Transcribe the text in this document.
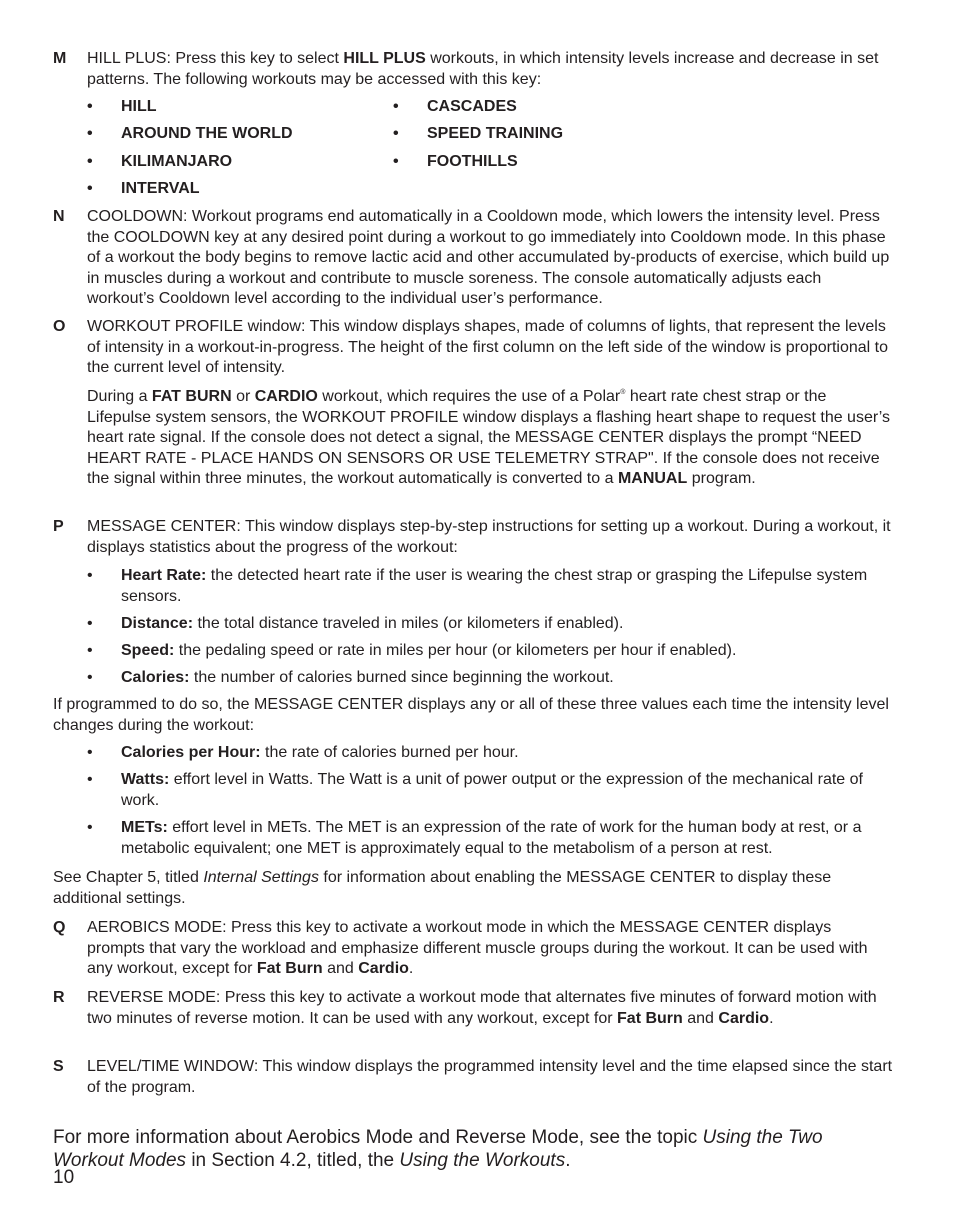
M	HILL PLUS: Press this key to select HILL PLUS workouts, in which intensity levels increase and decrease in set patterns. The following workouts may be accessed with this key:

• HILL
• AROUND THE WORLD
• KILIMANJARO
• INTERVAL
• CASCADES
• SPEED TRAINING
• FOOTHILLS
N	COOLDOWN: Workout programs end automatically in a Cooldown mode, which lowers the intensity level. Press the COOLDOWN key at any desired point during a workout to go immediately into Cooldown mode. In this phase of a workout the body begins to remove lactic acid and other accumulated by-products of exercise, which build up in muscles during a workout and contribute to muscle soreness. The console automatically adjusts each workout’s Cooldown level according to the individual user’s performance.

O	WORKOUT PROFILE window: This window displays shapes, made of columns of lights, that represent the levels of intensity in a workout-in-progress. The height of the first column on the left side of the window is proportional to the current level of intensity.

During a FAT BURN or CARDIO workout, which requires the use of a Polar® heart rate chest strap or the Lifepulse system sensors, the WORKOUT PROFILE window displays a flashing heart shape to request the user’s heart rate signal. If the console does not detect a signal, the MESSAGE CENTER displays the prompt “NEED HEART RATE - PLACE HANDS ON SENSORS OR USE TELEMETRY STRAP". If the console does not receive the signal within three minutes, the workout automatically is converted to a MANUAL program.

P	MESSAGE CENTER: This window displays step-by-step instructions for setting up a workout. During a workout, it displays statistics about the progress of the workout:

• Heart Rate: the detected heart rate if the user is wearing the chest strap or grasping the Lifepulse system sensors.
• Distance: the total distance traveled in miles (or kilometers if enabled).
• Speed: the pedaling speed or rate in miles per hour (or kilometers per hour if enabled).
• Calories: the number of calories burned since beginning the workout.

If programmed to do so, the MESSAGE CENTER displays any or all of these three values each time the intensity level changes during the workout:

• Calories per Hour: the rate of calories burned per hour.
• Watts: effort level in Watts. The Watt is a unit of power output or the expression of the mechanical rate of work.
• METs: effort level in METs. The MET is an expression of the rate of work for the human body at rest, or a metabolic equivalent; one MET is approximately equal to the metabolism of a person at rest.

See Chapter 5, titled Internal Settings for information about enabling the MESSAGE CENTER to display these additional settings.

Q	AEROBICS MODE: Press this key to activate a workout mode in which the MESSAGE CENTER displays prompts that vary the workload and emphasize different muscle groups during the workout. It can be used with any workout, except for Fat Burn and Cardio.

R	REVERSE MODE: Press this key to activate a workout mode that alternates five minutes of forward motion with two minutes of reverse motion. It can be used with any workout, except for Fat Burn and Cardio.

S	LEVEL/TIME WINDOW: This window displays the programmed intensity level and the time elapsed since the start of the program.

For more information about Aerobics Mode and Reverse Mode, see the topic Using the Two Workout Modes in Section 4.2, titled, the Using the Workouts.

10
